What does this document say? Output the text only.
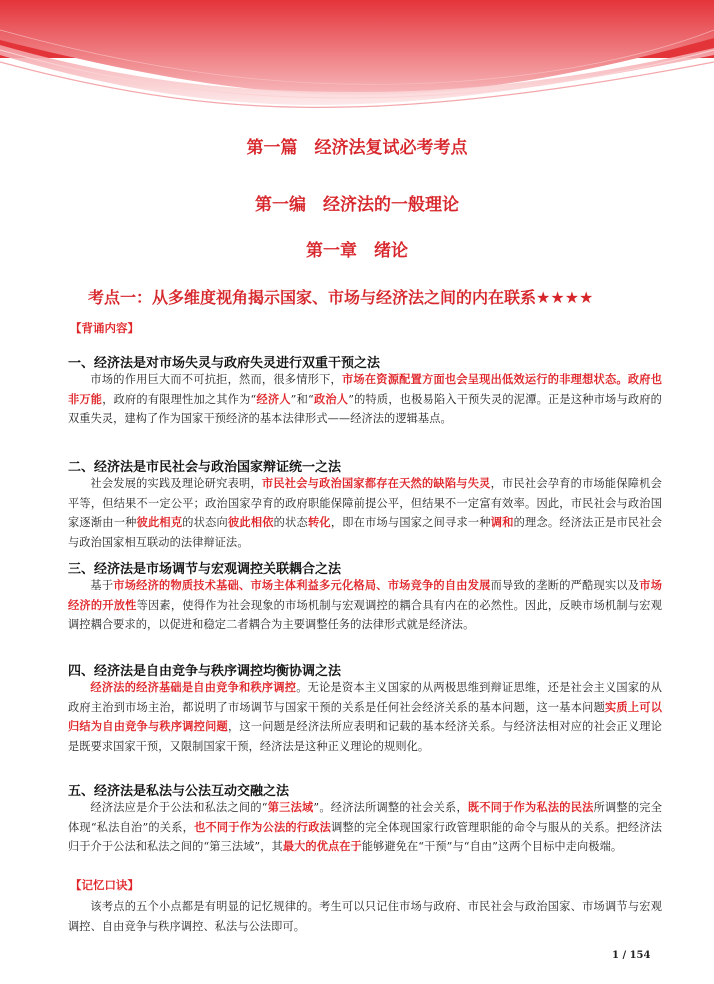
第一篇　经济法复试必考考点
第一编　经济法的一般理论
第一章　绪论

考点一：从多维度视角揭示国家、市场与经济法之间的内在联系★★★★

【背诵内容】

一、经济法是对市场失灵与政府失灵进行双重干预之法

市场的作用巨大而不可抗拒，然而，很多情形下，市场在资源配置方面也会呈现出低效运行的非理想状态。政府也非万能，政府的有限理性加之其作为“经济人”和“政治人”的特质，也极易陷入干预失灵的泥潭。正是这种市场与政府的双重失灵，建构了作为国家干预经济的基本法律形式——经济法的逻辑基点。

二、经济法是市民社会与政治国家辩证统一之法

社会发展的实践及理论研究表明，市民社会与政治国家都存在天然的缺陷与失灵，市民社会孕育的市场能保障机会平等，但结果不一定公平；政治国家孕育的政府职能保障前提公平，但结果不一定富有效率。因此，市民社会与政治国家逐渐由一种彼此相克的状态向彼此相依的状态转化，即在市场与国家之间寻求一种调和的理念。经济法正是市民社会与政治国家相互联动的法律辩证法。

三、经济法是市场调节与宏观调控关联耦合之法

基于市场经济的物质技术基础、市场主体利益多元化格局、市场竞争的自由发展而导致的垄断的严酷现实以及市场经济的开放性等因素，使得作为社会现象的市场机制与宏观调控的耦合具有内在的必然性。因此，反映市场机制与宏观调控耦合要求的，以促进和稳定二者耦合为主要调整任务的法律形式就是经济法。

四、经济法是自由竞争与秩序调控均衡协调之法

经济法的经济基础是自由竞争和秩序调控。无论是资本主义国家的从两极思维到辩证思维，还是社会主义国家的从政府主治到市场主治，都说明了市场调节与国家干预的关系是任何社会经济关系的基本问题，这一基本问题实质上可以归结为自由竞争与秩序调控问题，这一问题是经济法所应表明和记载的基本经济关系。与经济法相对应的社会正义理论是既要求国家干预，又限制国家干预，经济法是这种正义理论的规则化。

五、经济法是私法与公法互动交融之法

经济法应是介于公法和私法之间的“第三法域”。经济法所调整的社会关系，既不同于作为私法的民法所调整的完全体现“私法自治”的关系，也不同于作为公法的行政法调整的完全体现国家行政管理职能的命令与服从的关系。把经济法归于介于公法和私法之间的“第三法域”，其最大的优点在于能够避免在“干预”与“自由”这两个目标中走向极端。

【记忆口诀】

该考点的五个小点都是有明显的记忆规律的。考生可以只记住市场与政府、市民社会与政治国家、市场调节与宏观调控、自由竞争与秩序调控、私法与公法即可。

1 / 154
